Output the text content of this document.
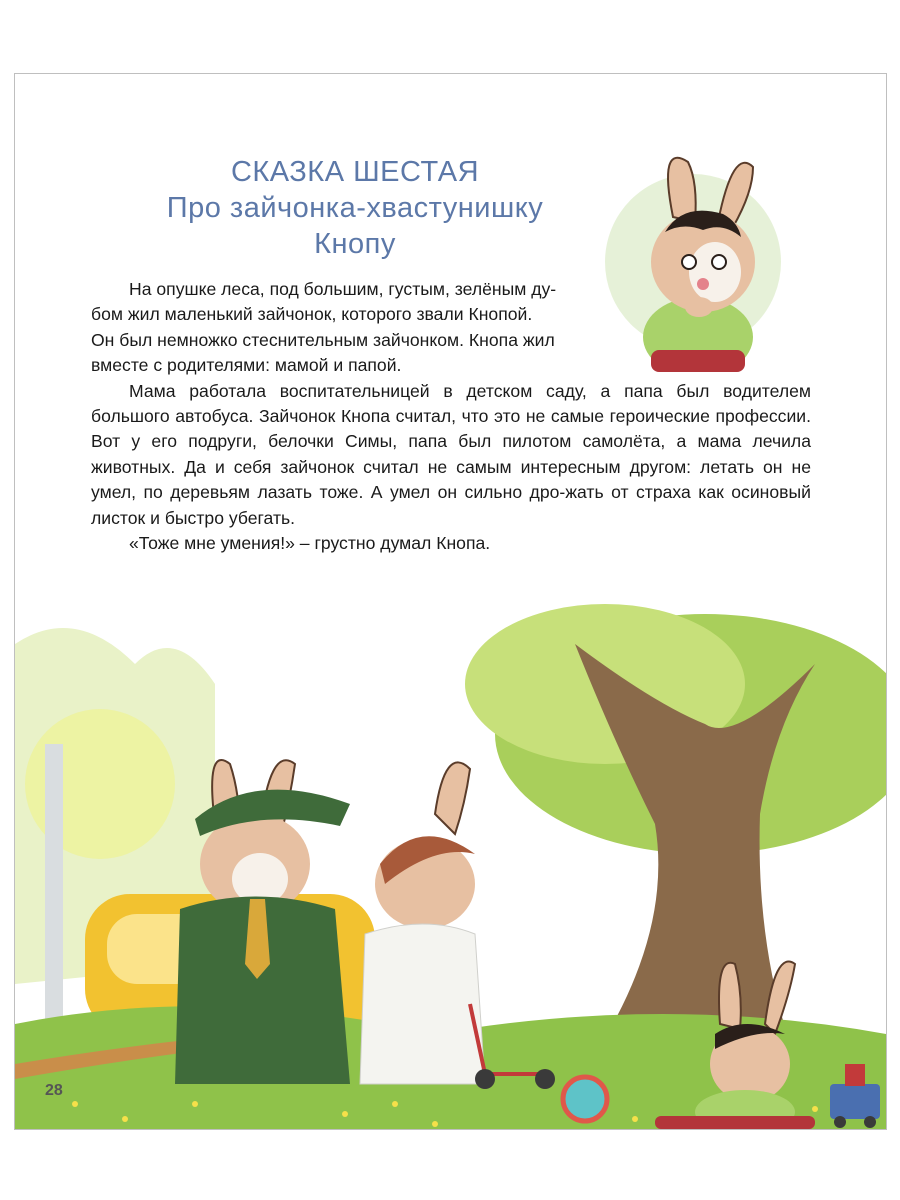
СКАЗКА ШЕСТАЯ
Про зайчонка-хвастунишку
Кнопу

На опушке леса, под большим, густым, зелёным ду-
бом жил маленький зайчонок, которого звали Кнопой.
Он был немножко стеснительным зайчонком. Кнопа жил
вместе с родителями: мамой и папой.

Мама работала воспитательницей в детском саду, а папа был водителем большого автобуса. Зайчонок Кнопа считал, что это не самые героические профессии. Вот у его подруги, белочки Симы, папа был пилотом самолёта, а мама лечила животных. Да и себя зайчонок считал не самым интересным другом: летать он не умел, по деревьям лазать тоже. А умел он сильно дро-жать от страха как осиновый листок и быстро убегать.

«Тоже мне умения!» – грустно думал Кнопа.

28
